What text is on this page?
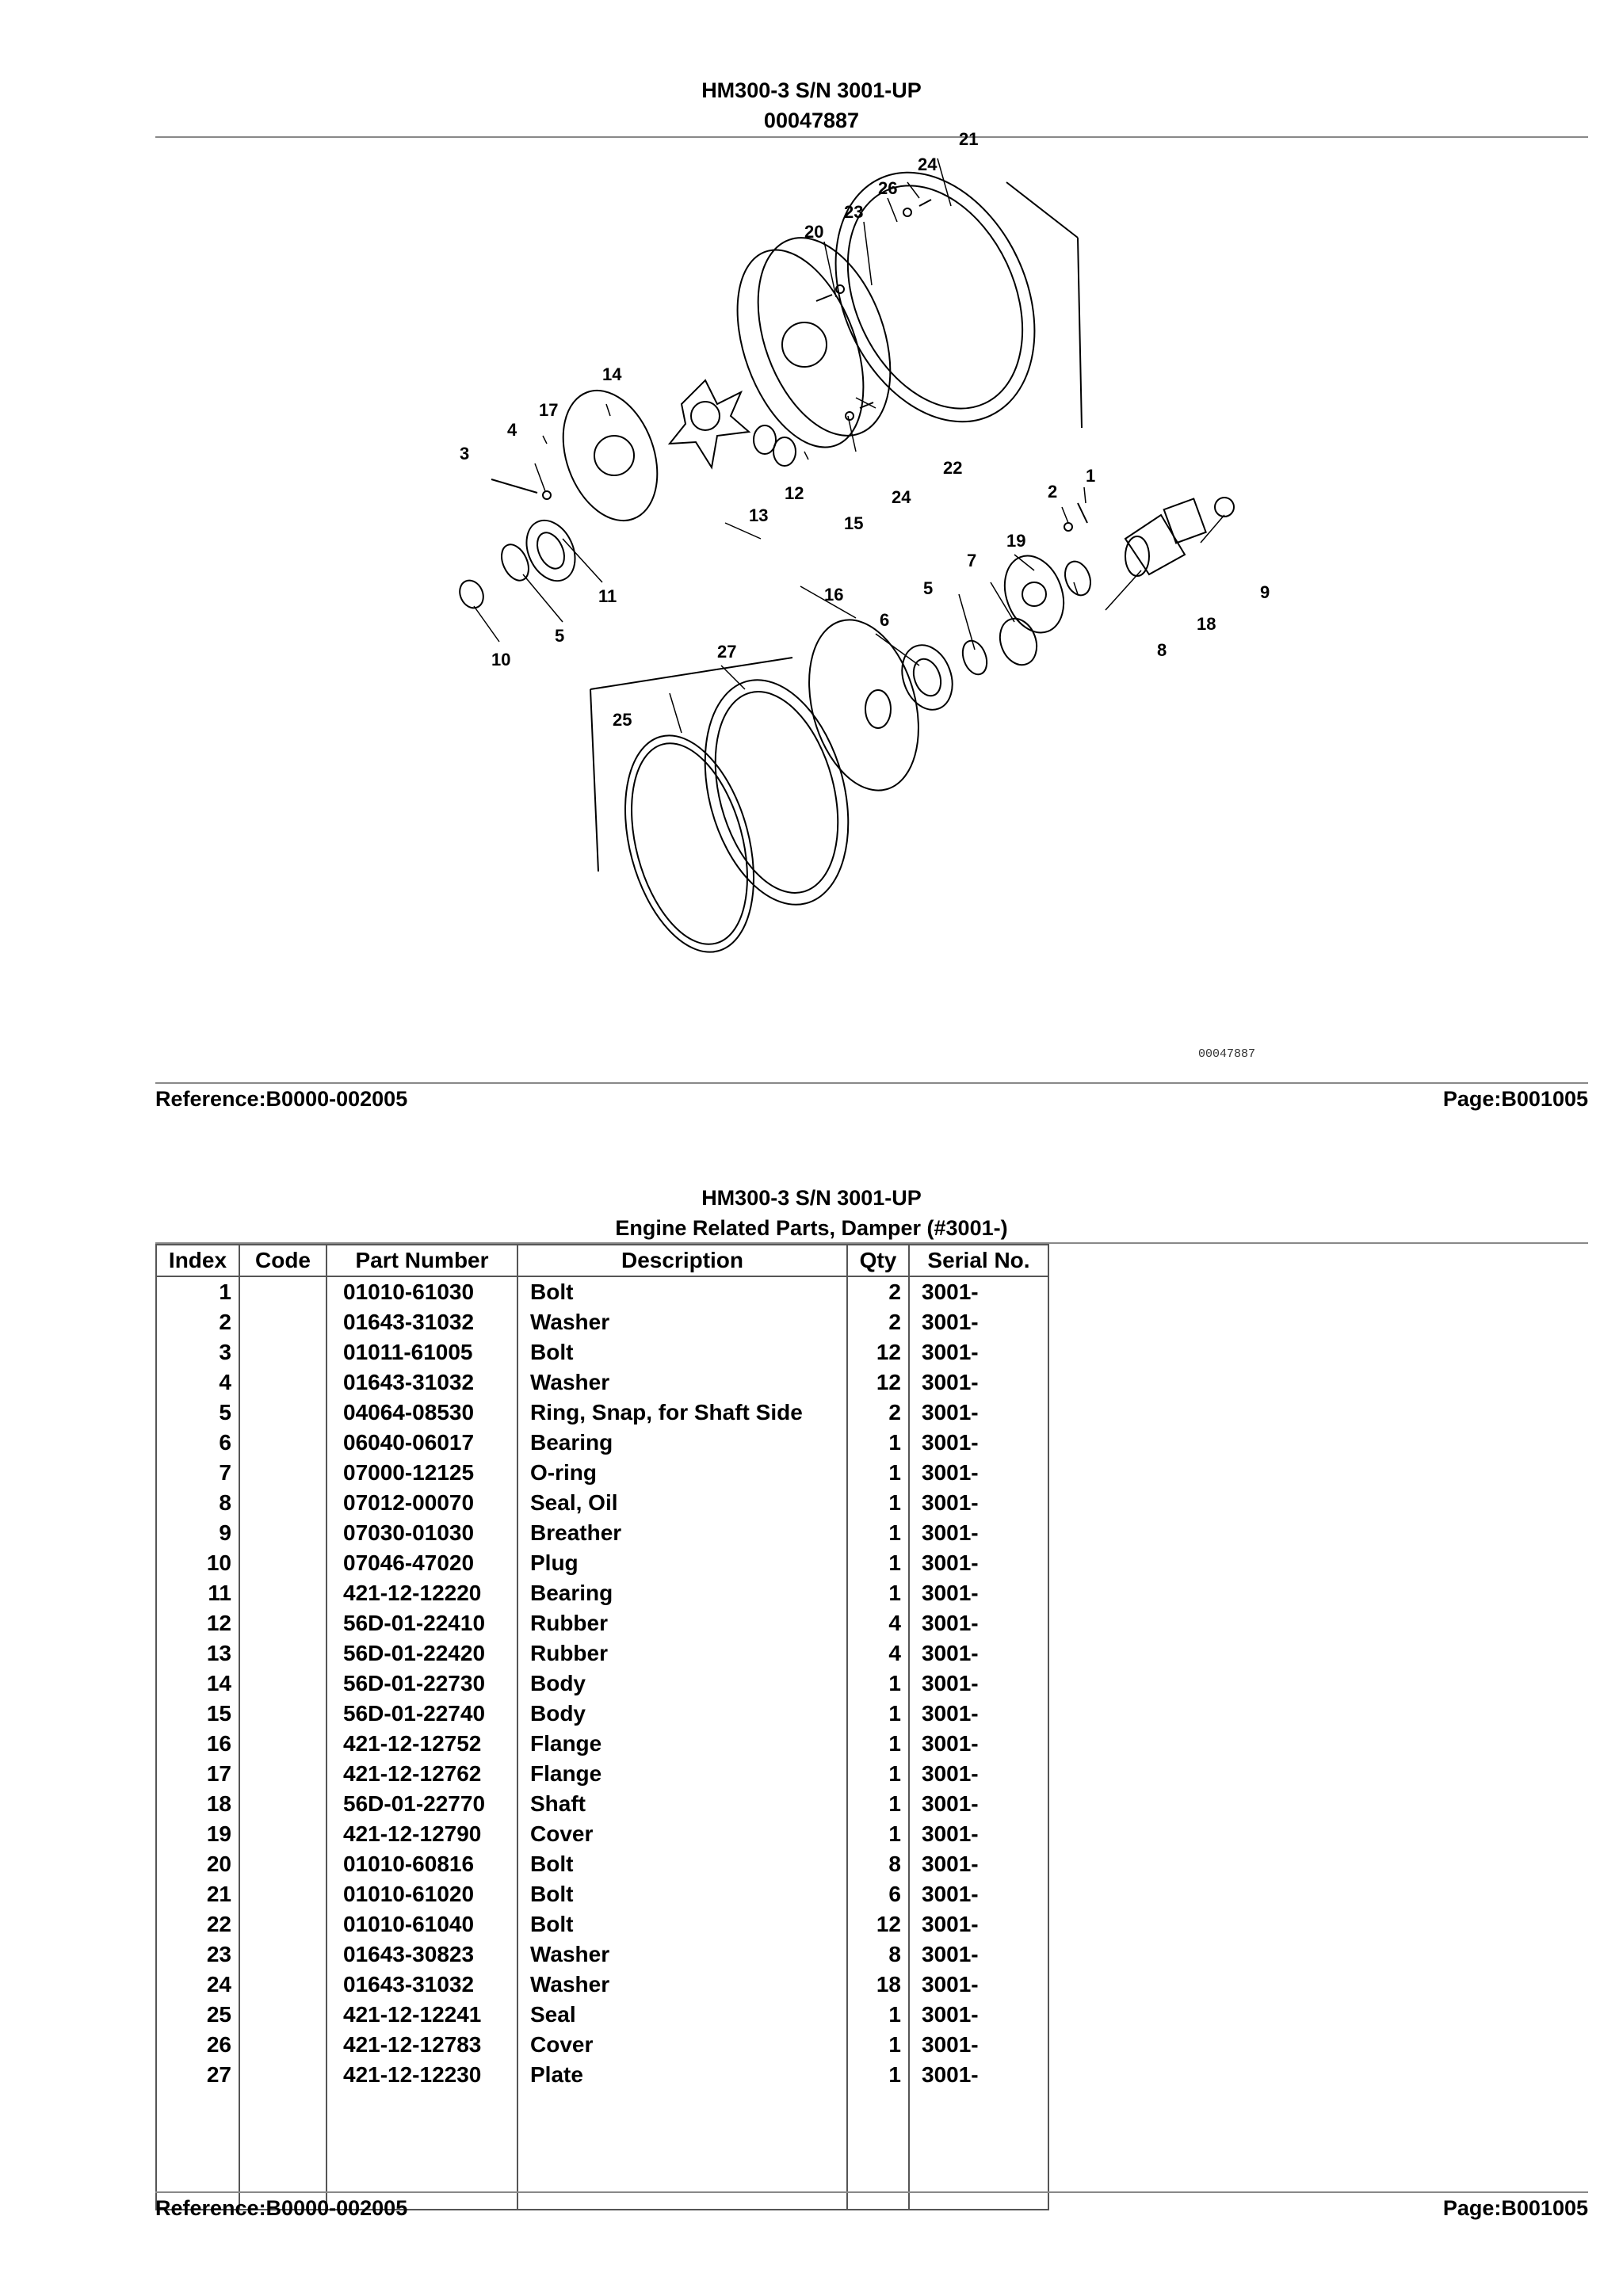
HM300-3 S/N 3001-UP
00047887
1
2
3
4
5
5
6
7
8
9
10
11
12
13
14
15
16
17
18
19
20
21
22
23
24
24
25
26
27
00047887
Reference:B0000-002005	Page:B001005
HM300-3 S/N 3001-UP
Engine Related Parts, Damper (#3001-)
Index	Code	Part Number	Description	Qty	Serial No.
1		01010-61030	Bolt	2	3001-
2		01643-31032	Washer	2	3001-
3		01011-61005	Bolt	12	3001-
4		01643-31032	Washer	12	3001-
5		04064-08530	Ring, Snap, for Shaft Side	2	3001-
6		06040-06017	Bearing	1	3001-
7		07000-12125	O-ring	1	3001-
8		07012-00070	Seal, Oil	1	3001-
9		07030-01030	Breather	1	3001-
10		07046-47020	Plug	1	3001-
11		421-12-12220	Bearing	1	3001-
12		56D-01-22410	Rubber	4	3001-
13		56D-01-22420	Rubber	4	3001-
14		56D-01-22730	Body	1	3001-
15		56D-01-22740	Body	1	3001-
16		421-12-12752	Flange	1	3001-
17		421-12-12762	Flange	1	3001-
18		56D-01-22770	Shaft	1	3001-
19		421-12-12790	Cover	1	3001-
20		01010-60816	Bolt	8	3001-
21		01010-61020	Bolt	6	3001-
22		01010-61040	Bolt	12	3001-
23		01643-30823	Washer	8	3001-
24		01643-31032	Washer	18	3001-
25		421-12-12241	Seal	1	3001-
26		421-12-12783	Cover	1	3001-
27		421-12-12230	Plate	1	3001-

Reference:B0000-002005	Page:B001005
